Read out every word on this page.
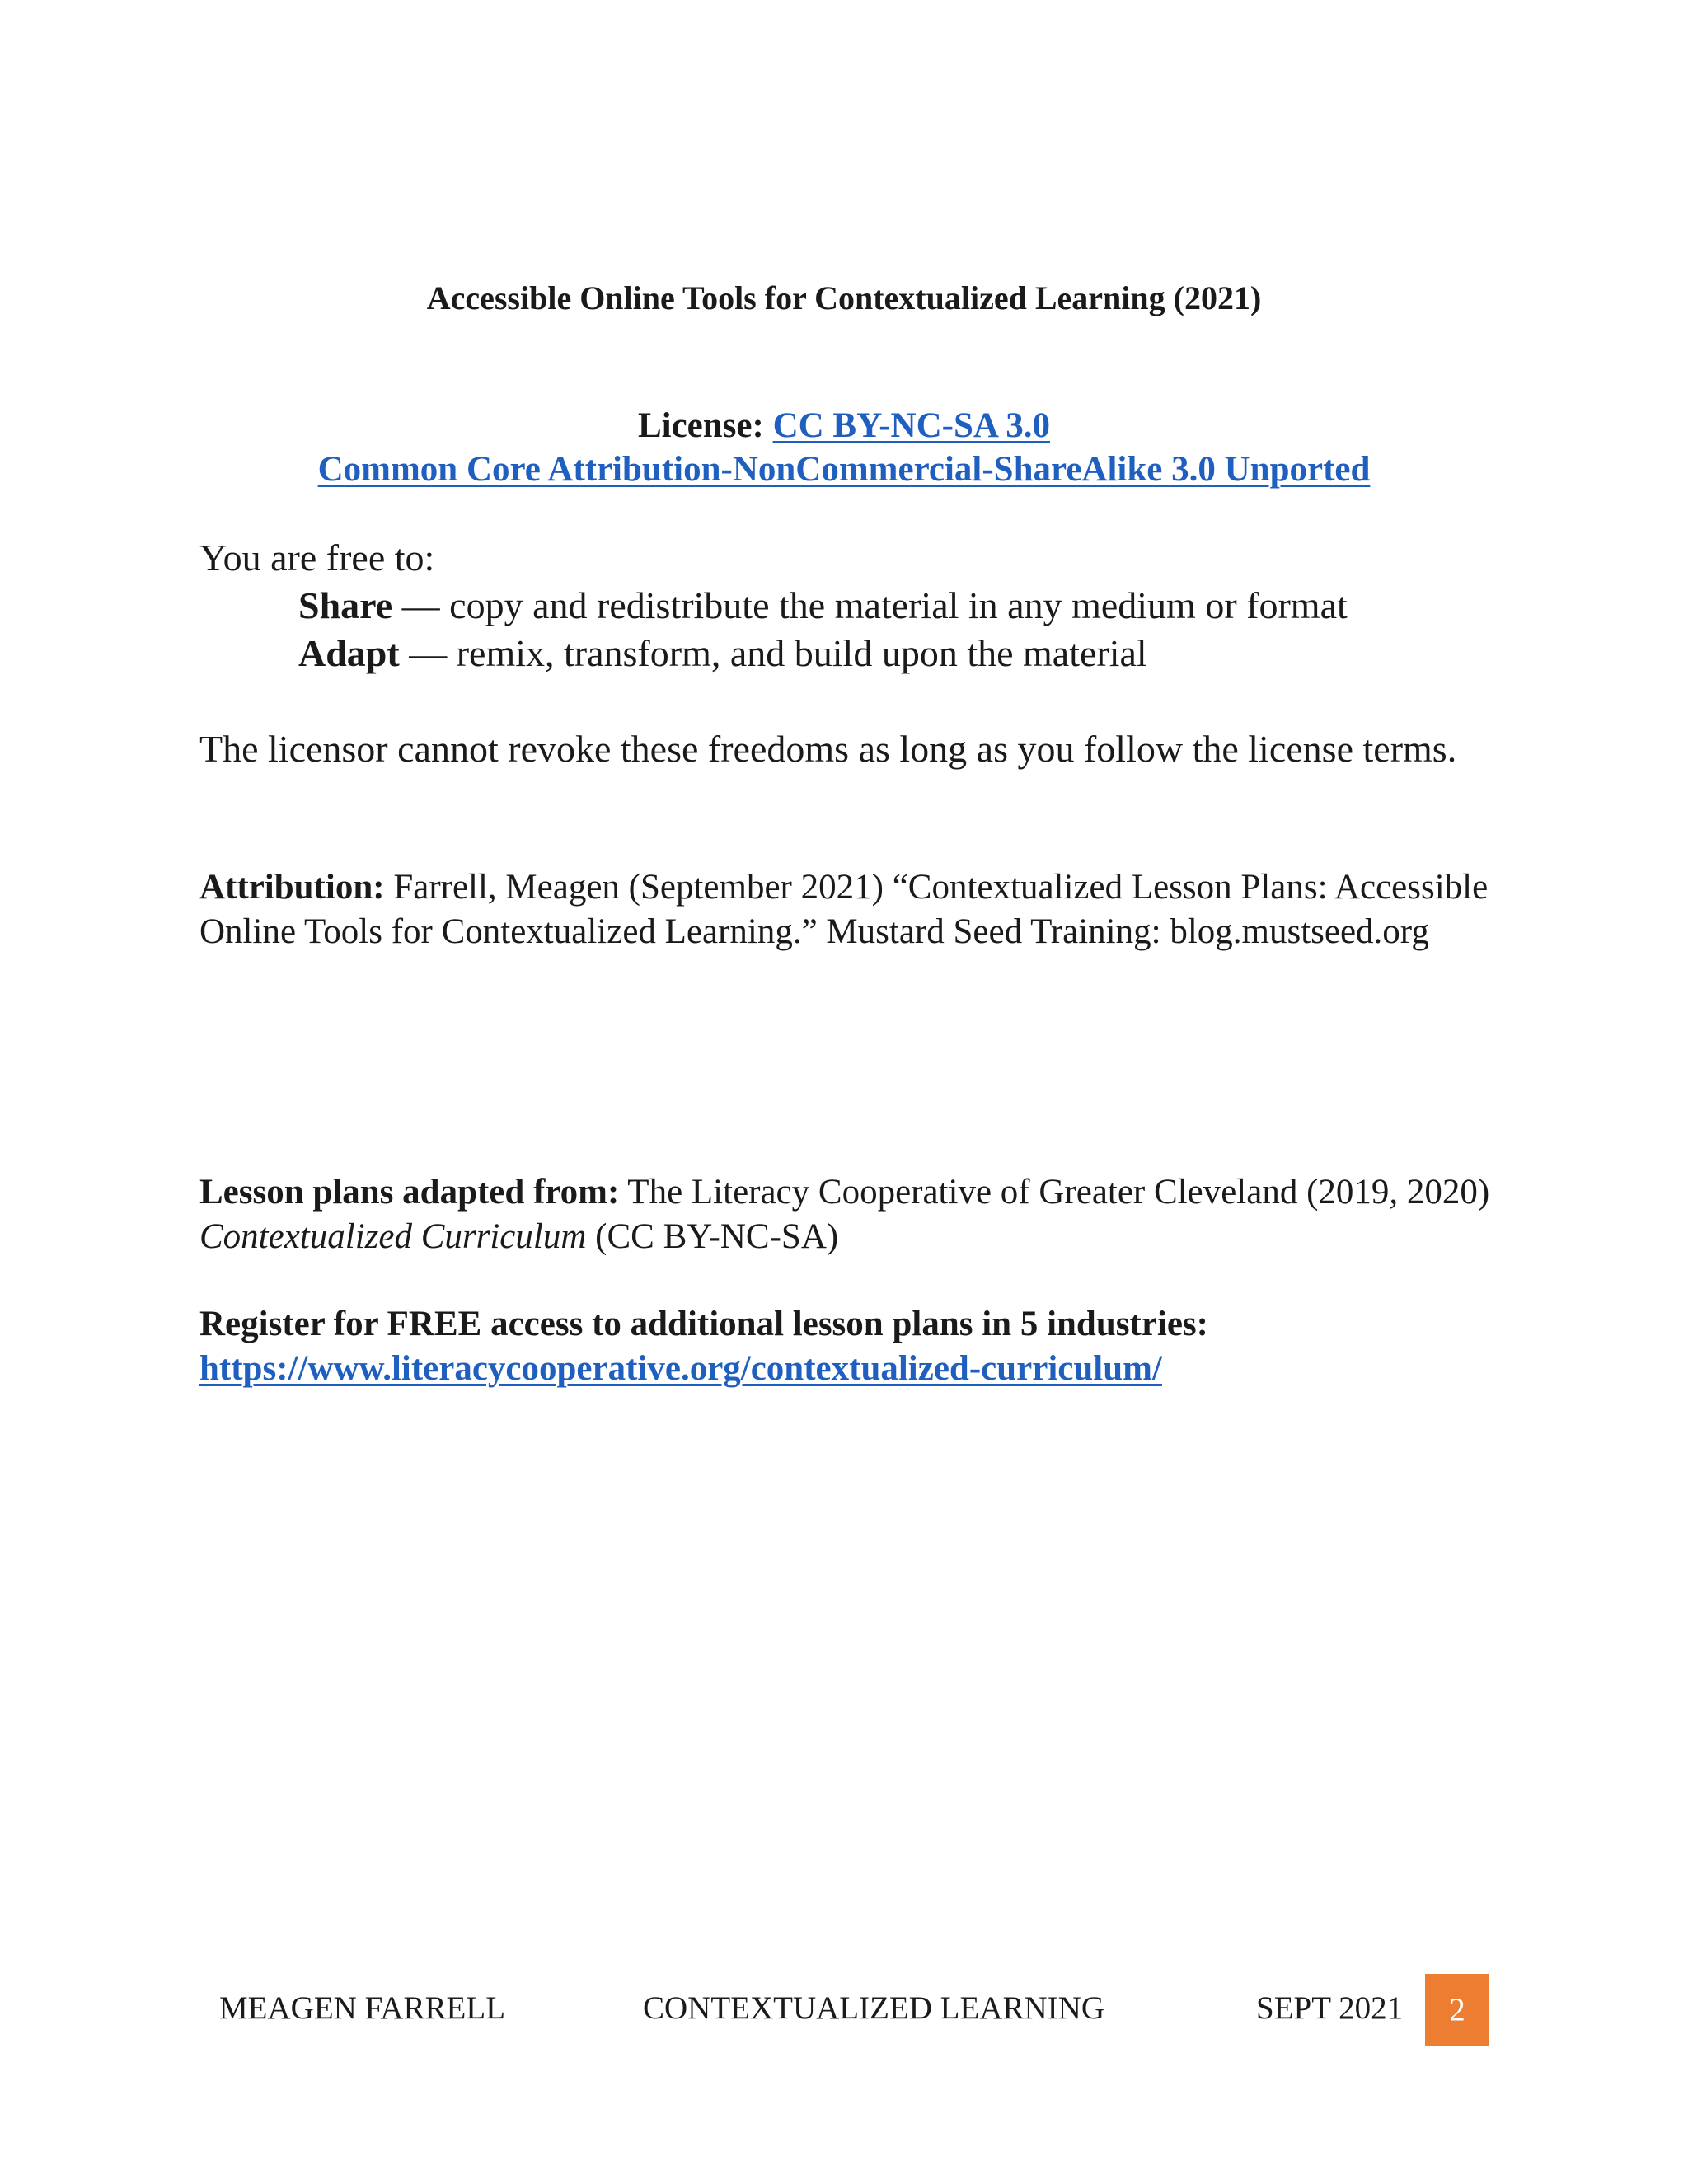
Accessible Online Tools for Contextualized Learning (2021)
License: CC BY-NC-SA 3.0
Common Core Attribution-NonCommercial-ShareAlike 3.0 Unported
You are free to:
Share — copy and redistribute the material in any medium or format
Adapt — remix, transform, and build upon the material
The licensor cannot revoke these freedoms as long as you follow the license terms.
Attribution: Farrell, Meagen (September 2021) “Contextualized Lesson Plans: Accessible Online Tools for Contextualized Learning.” Mustard Seed Training: blog.mustseed.org
Lesson plans adapted from: The Literacy Cooperative of Greater Cleveland (2019, 2020) Contextualized Curriculum (CC BY-NC-SA)
Register for FREE access to additional lesson plans in 5 industries:
https://www.literacycooperative.org/contextualized-curriculum/
MEAGEN FARRELL	CONTEXTUALIZED LEARNING	SEPT 2021	2
